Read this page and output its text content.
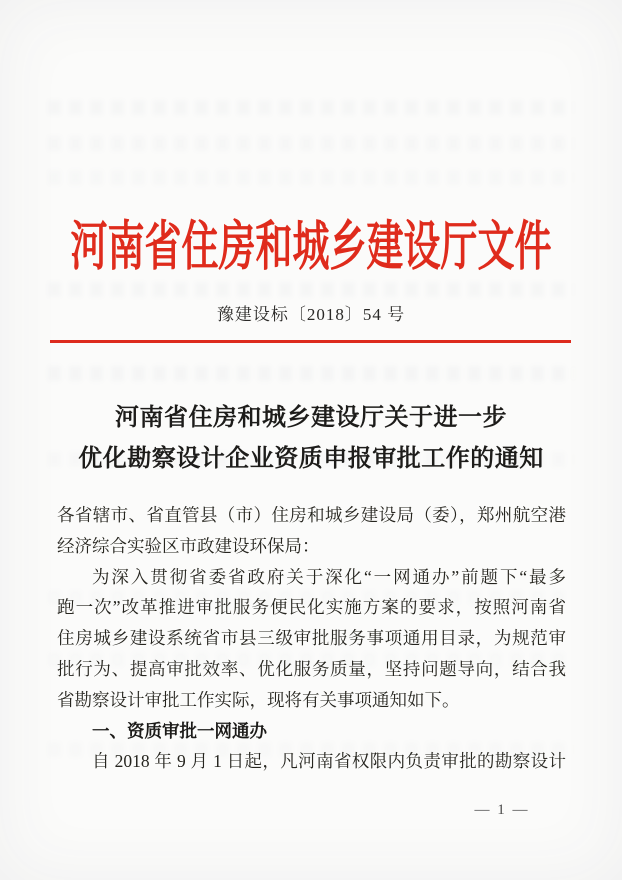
河南省住房和城乡建设厅文件
豫建设标〔2018〕54 号
河南省住房和城乡建设厅关于进一步
优化勘察设计企业资质申报审批工作的通知
各省辖市、省直管县（市）住房和城乡建设局（委），郑州航空港
经济综合实验区市政建设环保局：
为深入贯彻省委省政府关于深化“一网通办”前题下“最多
跑一次”改革推进审批服务便民化实施方案的要求，按照河南省
住房城乡建设系统省市县三级审批服务事项通用目录，为规范审
批行为、提高审批效率、优化服务质量，坚持问题导向，结合我
省勘察设计审批工作实际，现将有关事项通知如下。
一、资质审批一网通办
自 2018 年 9 月 1 日起，凡河南省权限内负责审批的勘察设计
— 1 —
